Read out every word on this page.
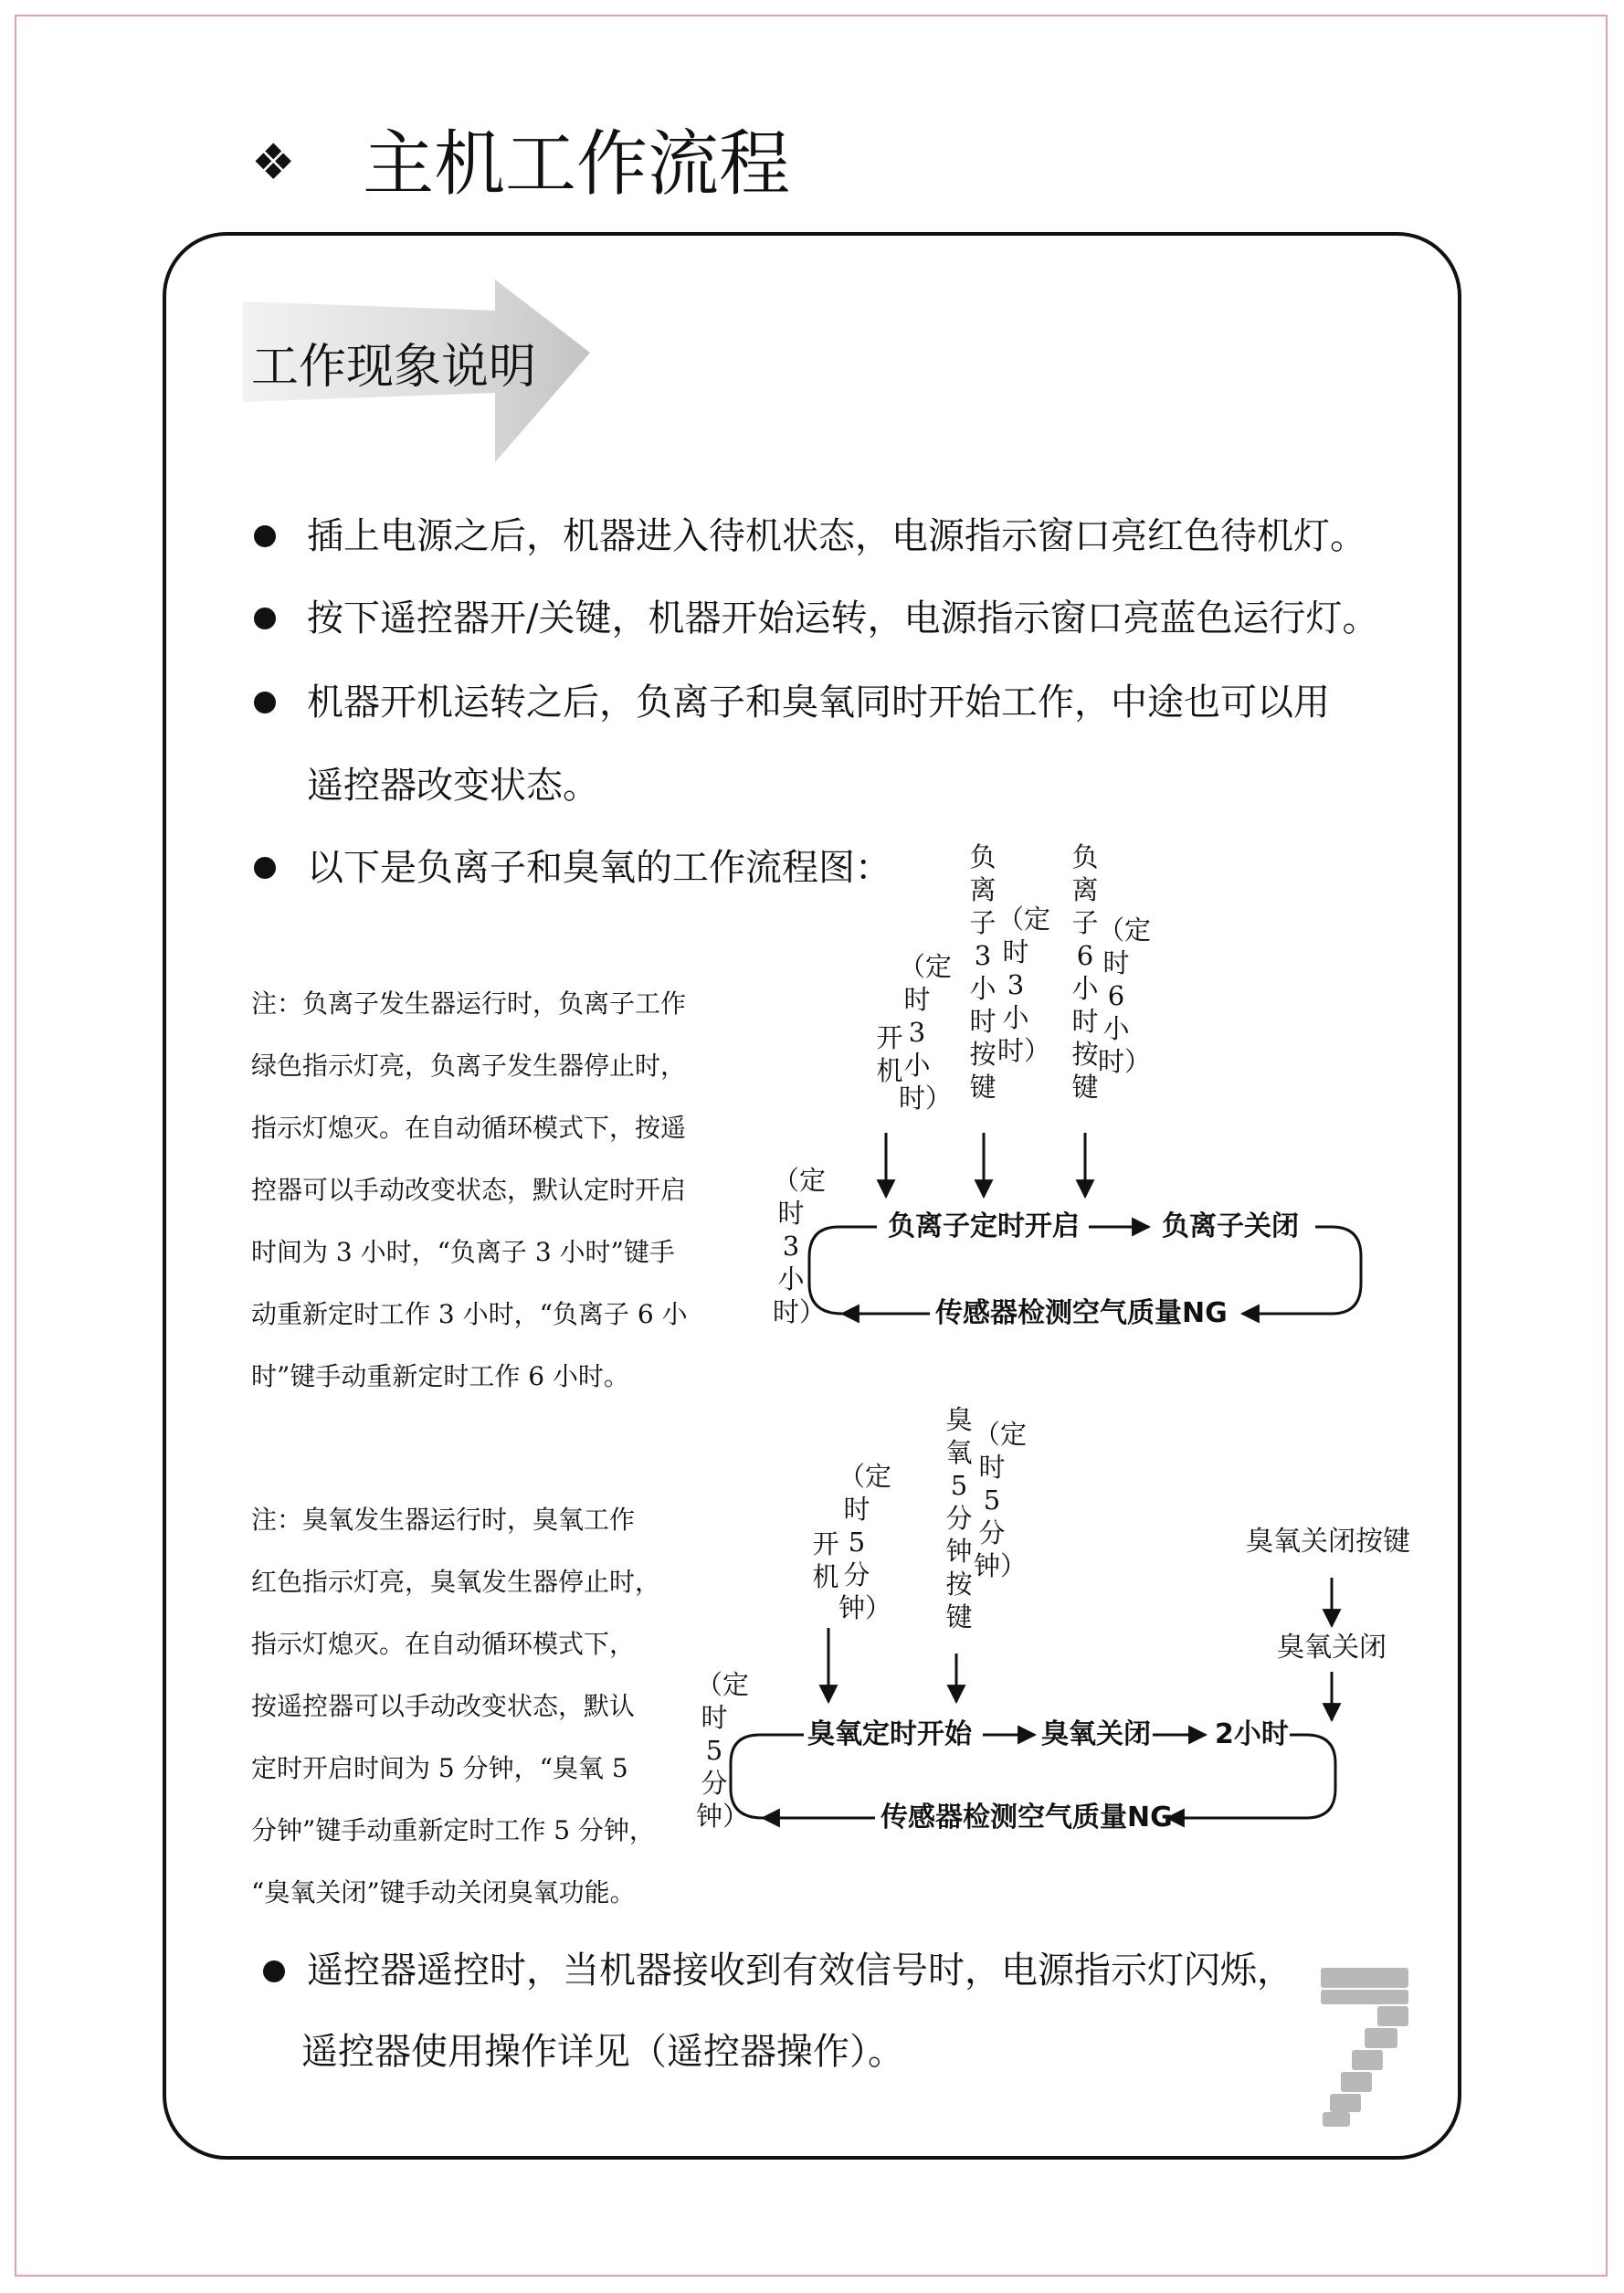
❖ 主机工作流程
工作现象说明
插上电源之后，机器进入待机状态，电源指示窗口亮红色待机灯。
按下遥控器开/关键，机器开始运转，电源指示窗口亮蓝色运行灯。
机器开机运转之后，负离子和臭氧同时开始工作，中途也可以用
遥控器改变状态。
以下是负离子和臭氧的工作流程图：
注：负离子发生器运行时，负离子工作
绿色指示灯亮，负离子发生器停止时，
指示灯熄灭。在自动循环模式下，按遥
控器可以手动改变状态，默认定时开启
时间为 3 小时，“负离子 3 小时”键手
动重新定时工作 3 小时，“负离子 6 小
时”键手动重新定时工作 6 小时。
注：臭氧发生器运行时，臭氧工作
红色指示灯亮，臭氧发生器停止时，
指示灯熄灭。在自动循环模式下，
按遥控器可以手动改变状态，默认
定时开启时间为 5 分钟，“臭氧 5
分钟”键手动重新定时工作 5 分钟，
“臭氧关闭”键手动关闭臭氧功能。
开机
（定时3小时）
负离子3小时按键
（定时3小时）
负离子6小时按键
（定时6小时）
（定时3小时）
负离子定时开启	负离子关闭
传感器检测空气质量NG
开机
（定时5分钟）
臭氧5分钟按键
（定时5分钟）
（定时5分钟）
臭氧关闭按键
臭氧关闭
臭氧定时开始	臭氧关闭 2小时
传感器检测空气质量NG
遥控器遥控时，当机器接收到有效信号时，电源指示灯闪烁，
遥控器使用操作详见（遥控器操作）。
